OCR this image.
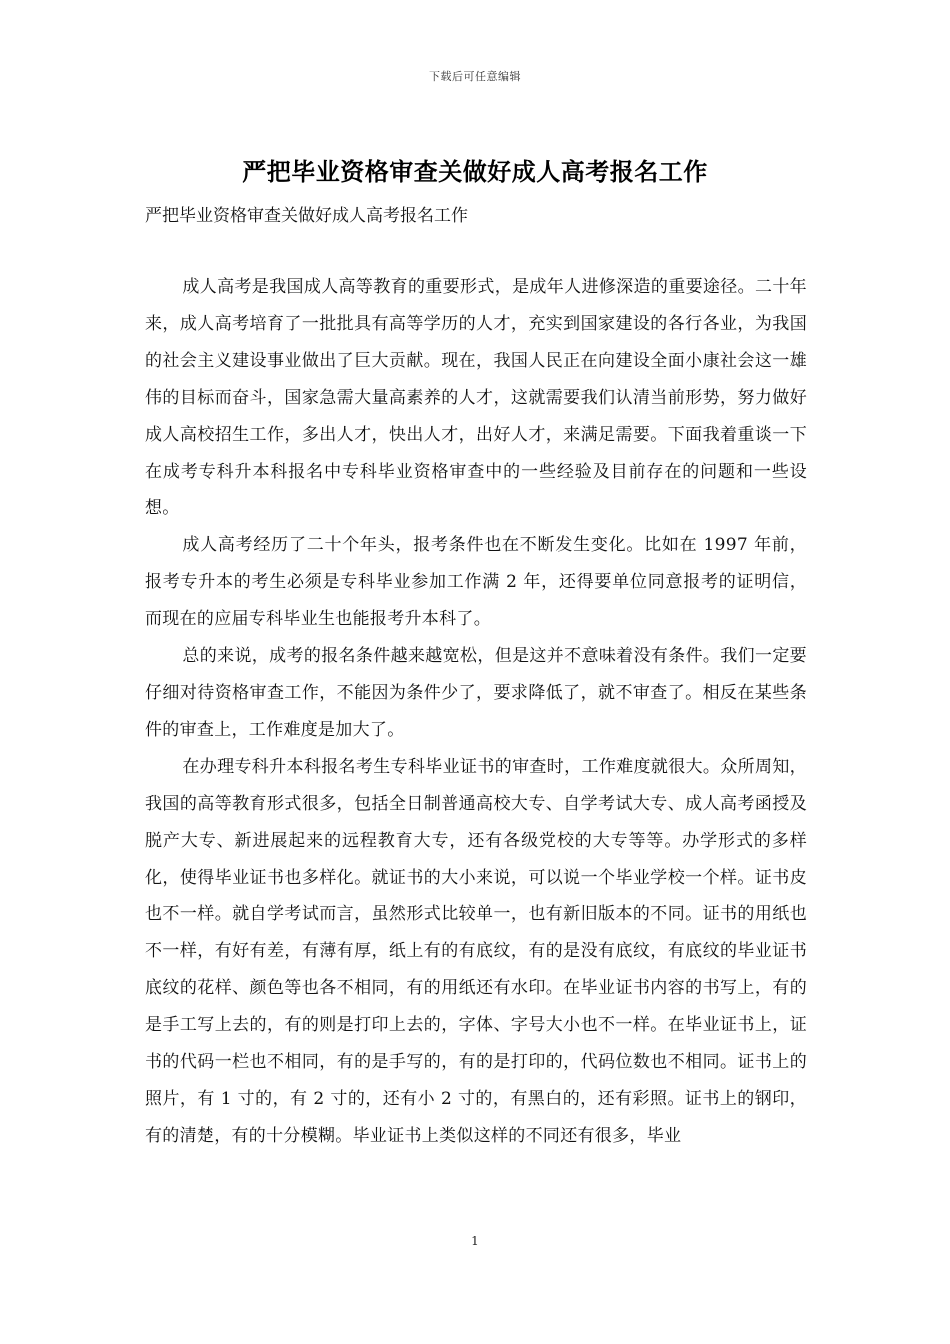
下载后可任意编辑
严把毕业资格审查关做好成人高考报名工作
严把毕业资格审查关做好成人高考报名工作

成人高考是我国成人高等教育的重要形式，是成年人进修深造的重要途径。二十年来，成人高考培育了一批批具有高等学历的人才，充实到国家建设的各行各业，为我国的社会主义建设事业做出了巨大贡献。现在，我国人民正在向建设全面小康社会这一雄伟的目标而奋斗，国家急需大量高素养的人才，这就需要我们认清当前形势，努力做好成人高校招生工作，多出人才，快出人才，出好人才，来满足需要。下面我着重谈一下在成考专科升本科报名中专科毕业资格审查中的一些经验及目前存在的问题和一些设想。

成人高考经历了二十个年头，报考条件也在不断发生变化。比如在 1997 年前，报考专升本的考生必须是专科毕业参加工作满 2 年，还得要单位同意报考的证明信，而现在的应届专科毕业生也能报考升本科了。

总的来说，成考的报名条件越来越宽松，但是这并不意味着没有条件。我们一定要仔细对待资格审查工作，不能因为条件少了，要求降低了，就不审查了。相反在某些条件的审查上，工作难度是加大了。

在办理专科升本科报名考生专科毕业证书的审查时，工作难度就很大。众所周知，我国的高等教育形式很多，包括全日制普通高校大专、自学考试大专、成人高考函授及脱产大专、新进展起来的远程教育大专，还有各级党校的大专等等。办学形式的多样化，使得毕业证书也多样化。就证书的大小来说，可以说一个毕业学校一个样。证书皮也不一样。就自学考试而言，虽然形式比较单一，也有新旧版本的不同。证书的用纸也不一样，有好有差，有薄有厚，纸上有的有底纹，有的是没有底纹，有底纹的毕业证书底纹的花样、颜色等也各不相同，有的用纸还有水印。在毕业证书内容的书写上，有的是手工写上去的，有的则是打印上去的，字体、字号大小也不一样。在毕业证书上，证书的代码一栏也不相同，有的是手写的，有的是打印的，代码位数也不相同。证书上的照片，有 1 寸的，有 2 寸的，还有小 2 寸的，有黑白的，还有彩照。证书上的钢印，有的清楚，有的十分模糊。毕业证书上类似这样的不同还有很多，毕业

1
